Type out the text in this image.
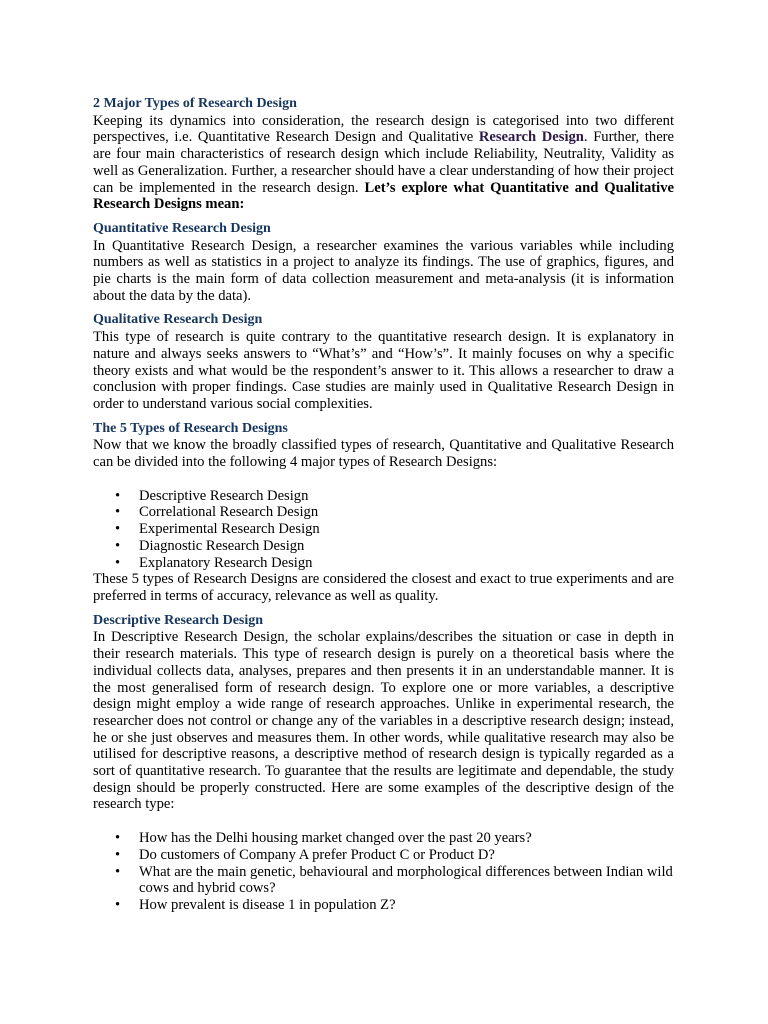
2 Major Types of Research Design

Keeping its dynamics into consideration, the research design is categorised into two different perspectives, i.e. Quantitative Research Design and Qualitative Research Design. Further, there are four main characteristics of research design which include Reliability, Neutrality, Validity as well as Generalization. Further, a researcher should have a clear understanding of how their project can be implemented in the research design. Let’s explore what Quantitative and Qualitative Research Designs mean:

Quantitative Research Design

In Quantitative Research Design, a researcher examines the various variables while including numbers as well as statistics in a project to analyze its findings. The use of graphics, figures, and pie charts is the main form of data collection measurement and meta-analysis (it is information about the data by the data).

Qualitative Research Design

This type of research is quite contrary to the quantitative research design. It is explanatory in nature and always seeks answers to “What’s” and “How’s”. It mainly focuses on why a specific theory exists and what would be the respondent’s answer to it. This allows a researcher to draw a conclusion with proper findings. Case studies are mainly used in Qualitative Research Design in order to understand various social complexities.

The 5 Types of Research Designs

Now that we know the broadly classified types of research, Quantitative and Qualitative Research can be divided into the following 4 major types of Research Designs:

• Descriptive Research Design
• Correlational Research Design
• Experimental Research Design
• Diagnostic Research Design
• Explanatory Research Design

These 5 types of Research Designs are considered the closest and exact to true experiments and are preferred in terms of accuracy, relevance as well as quality.

Descriptive Research Design

In Descriptive Research Design, the scholar explains/describes the situation or case in depth in their research materials. This type of research design is purely on a theoretical basis where the individual collects data, analyses, prepares and then presents it in an understandable manner. It is the most generalised form of research design. To explore one or more variables, a descriptive design might employ a wide range of research approaches. Unlike in experimental research, the researcher does not control or change any of the variables in a descriptive research design; instead, he or she just observes and measures them. In other words, while qualitative research may also be utilised for descriptive reasons, a descriptive method of research design is typically regarded as a sort of quantitative research. To guarantee that the results are legitimate and dependable, the study design should be properly constructed. Here are some examples of the descriptive design of the research type:

• How has the Delhi housing market changed over the past 20 years?
• Do customers of Company A prefer Product C or Product D?
• What are the main genetic, behavioural and morphological differences between Indian wild cows and hybrid cows?
• How prevalent is disease 1 in population Z?
